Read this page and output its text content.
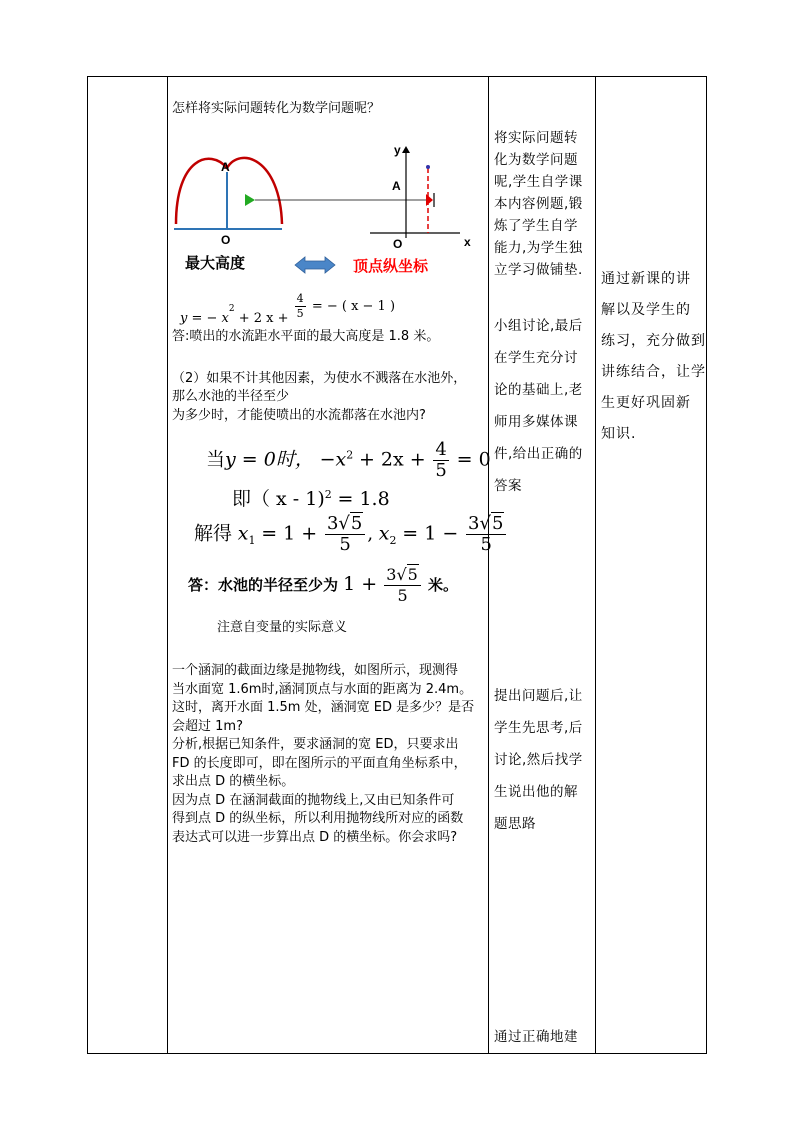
怎样将实际问题转化为数学问题呢？
A
O
y
x
A
O
最大高度	顶点纵坐标
y = − $x^2 + 2$ $x + \frac{4}{5}$ = − ( x − 1 )
答:喷出的水流距水平面的最大高度是 1.8 米。
（2）如果不计其他因素，为使水不溅落在水池外，
那么水池的半径至少
为多少时，才能使喷出的水流都落在水池内?
当y = 0时， $-x^2 + 2x + \frac{4}{5} = 0$
即（ x - 1)$^2$ = 1.8
解得 $x_1 = 1 + \frac{3√5}{5}$ , $x_2 = 1 - \frac{3√5}{5}$
答：水池的半径至少为 $1 + \frac{3√5}{5}$ 米。
注意自变量的实际意义
一个涵洞的截面边缘是抛物线，如图所示，现测得
当水面宽 1.6m时,涵洞顶点与水面的距离为 2.4m。
这时，离开水面 1.5m 处，涵洞宽 ED 是多少？是否
会超过 1m?
分析,根据已知条件，要求涵洞的宽 ED，只要求出
FD 的长度即可，即在图所示的平面直角坐标系中，
求出点 D 的横坐标。
因为点 D 在涵洞截面的抛物线上,又由已知条件可
得到点 D 的纵坐标，所以利用抛物线所对应的函数
表达式可以进一步算出点 D 的横坐标。你会求吗?
将实际问题转
化为数学问题
呢,学生自学课
本内容例题,锻
炼了学生自学
能力,为学生独
立学习做铺垫.
小组讨论,最后
在学生充分讨
论的基础上,老
师用多媒体课
件,给出正确的
答案
提出问题后,让
学生先思考,后
讨论,然后找学
生说出他的解
题思路
通过正确地建
通过新课的讲
解以及学生的
练习，充分做到
讲练结合，让学
生更好巩固新
知识.
